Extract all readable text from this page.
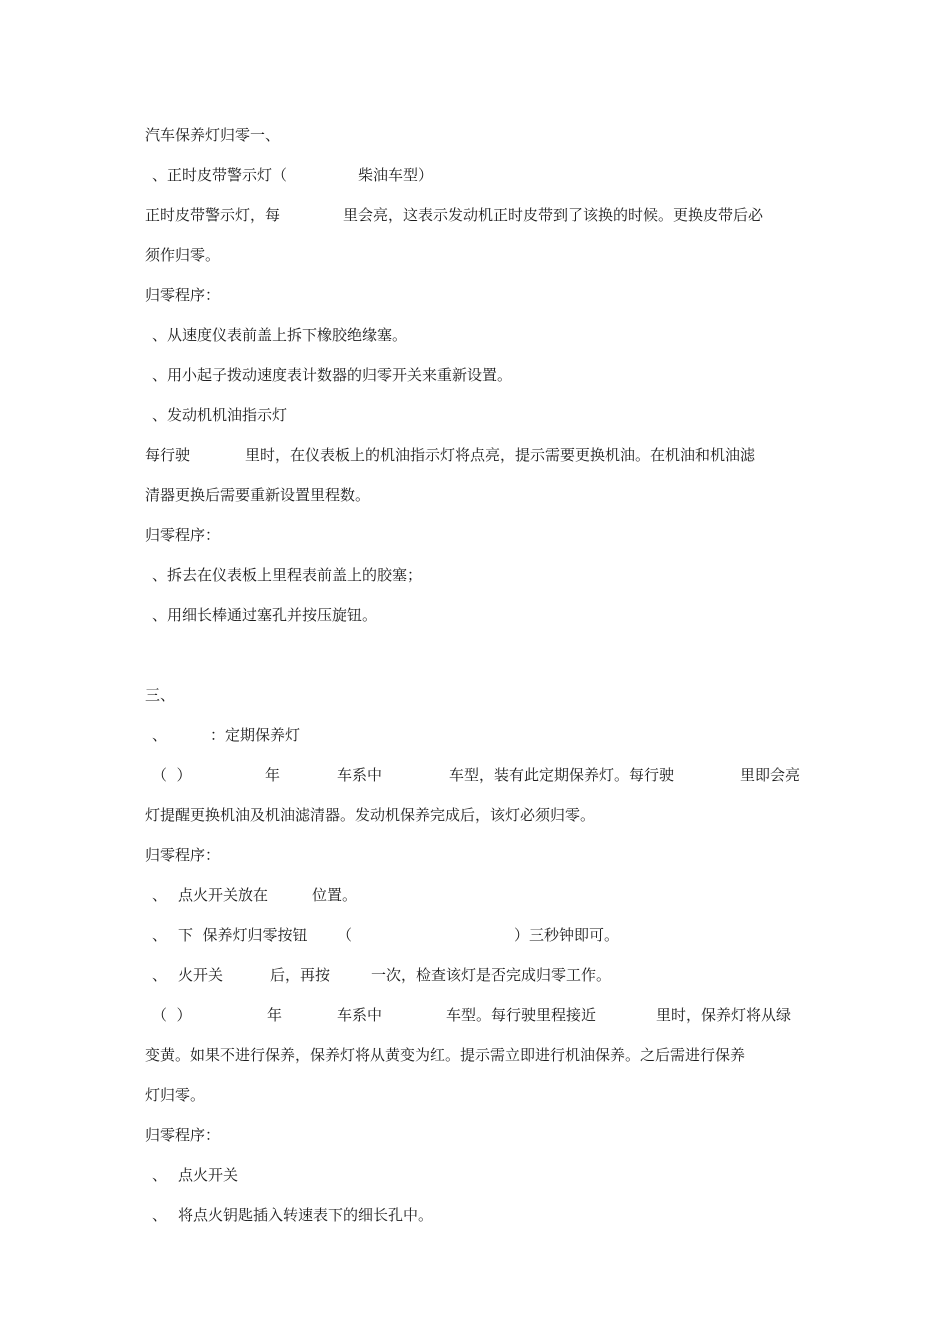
汽车保养灯归零一、

、正时皮带警示灯（

	柴油车型）

正时皮带警示灯，每

	里会亮，这表示发动机正时皮带到了该换的时候。更换皮带后必

须作归零。

归零程序：

、从速度仪表前盖上拆下橡胶绝缘塞。

、用小起子拨动速度表计数器的归零开关来重新设置。

、发动机机油指示灯

每行驶

	里时，在仪表板上的机油指示灯将点亮，提示需要更换机油。在机油和机油滤

清器更换后需要重新设置里程数。

归零程序：

、拆去在仪表板上里程表前盖上的胶塞；

、用细长棒通过塞孔并按压旋钮。

三、

、

	：定期保养灯

（  ）

	年

	车系中

	车型，装有此定期保养灯。每行驶

	里即会亮

灯提醒更换机油及机油滤清器。发动机保养完成后，该灯必须归零。

归零程序：

、

点火开关放在

	位置。

、

下  保养灯归零按钮

（

	）三秒钟即可。

、

火开关

	后，再按

	一次，检查该灯是否完成归零工作。

（  ）

	年

	车系中

	车型。每行驶里程接近

	里时，保养灯将从绿

变黄。如果不进行保养，保养灯将从黄变为红。提示需立即进行机油保养。之后需进行保养

灯归零。

归零程序：

、

点火开关

、

将点火钥匙插入转速表下的细长孔中。
